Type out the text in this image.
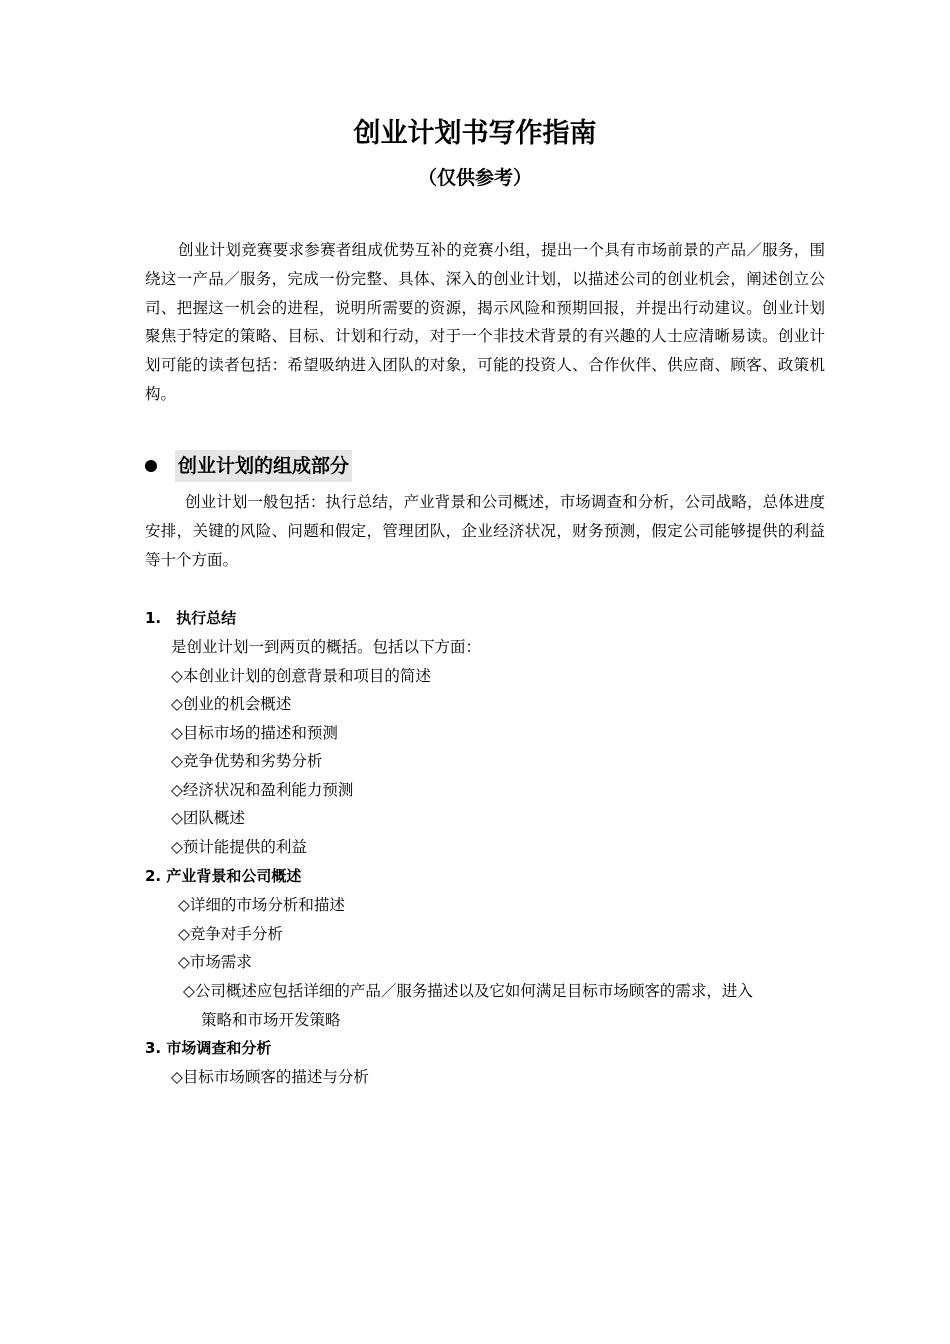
创业计划书写作指南
（仅供参考）
创业计划竞赛要求参赛者组成优势互补的竞赛小组，提出一个具有市场前景的产品／服务，围绕这一产品／服务，完成一份完整、具体、深入的创业计划，以描述公司的创业机会，阐述创立公司、把握这一机会的进程，说明所需要的资源，揭示风险和预期回报，并提出行动建议。创业计划聚焦于特定的策略、目标、计划和行动，对于一个非技术背景的有兴趣的人士应清晰易读。创业计划可能的读者包括：希望吸纳进入团队的对象，可能的投资人、合作伙伴、供应商、顾客、政策机构。
创业计划的组成部分
创业计划一般包括：执行总结，产业背景和公司概述，市场调查和分析，公司战略，总体进度安排，关键的风险、问题和假定，管理团队，企业经济状况，财务预测，假定公司能够提供的利益等十个方面。
1.　执行总结
是创业计划一到两页的概括。包括以下方面：
◇本创业计划的创意背景和项目的简述
◇创业的机会概述
◇目标市场的描述和预测
◇竞争优势和劣势分析
◇经济状况和盈利能力预测
◇团队概述
◇预计能提供的利益
2. 产业背景和公司概述
◇详细的市场分析和描述
◇竞争对手分析
◇市场需求
◇公司概述应包括详细的产品／服务描述以及它如何满足目标市场顾客的需求，进入
策略和市场开发策略
3. 市场调查和分析
◇目标市场顾客的描述与分析
